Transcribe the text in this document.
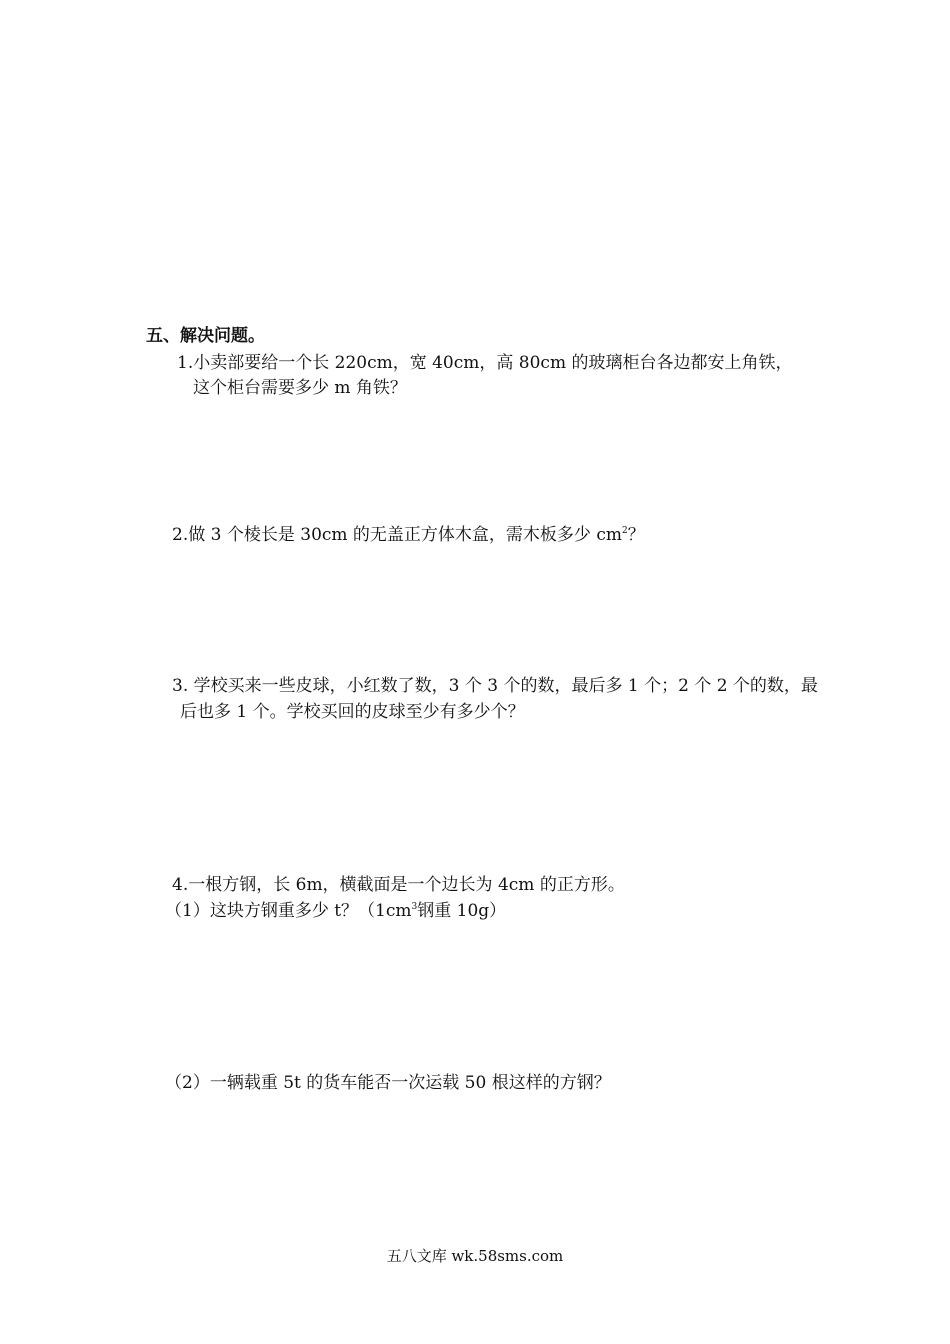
五、解决问题。
1.小卖部要给一个长 220cm，宽 40cm，高 80cm 的玻璃柜台各边都安上角铁，
这个柜台需要多少 m 角铁？
2.做 3 个棱长是 30cm 的无盖正方体木盒，需木板多少 $cm^2$？
3. 学校买来一些皮球，小红数了数，3 个 3 个的数，最后多 1 个；2 个 2 个的数，最
后也多 1 个。学校买回的皮球至少有多少个？
4.一根方钢，长 6m，横截面是一个边长为 4cm 的正方形。
（1）这块方钢重多少 t？（$1cm^3$钢重 10g）
（2）一辆载重 5t 的货车能否一次运载 50 根这样的方钢？
五八文库 wk.58sms.com
